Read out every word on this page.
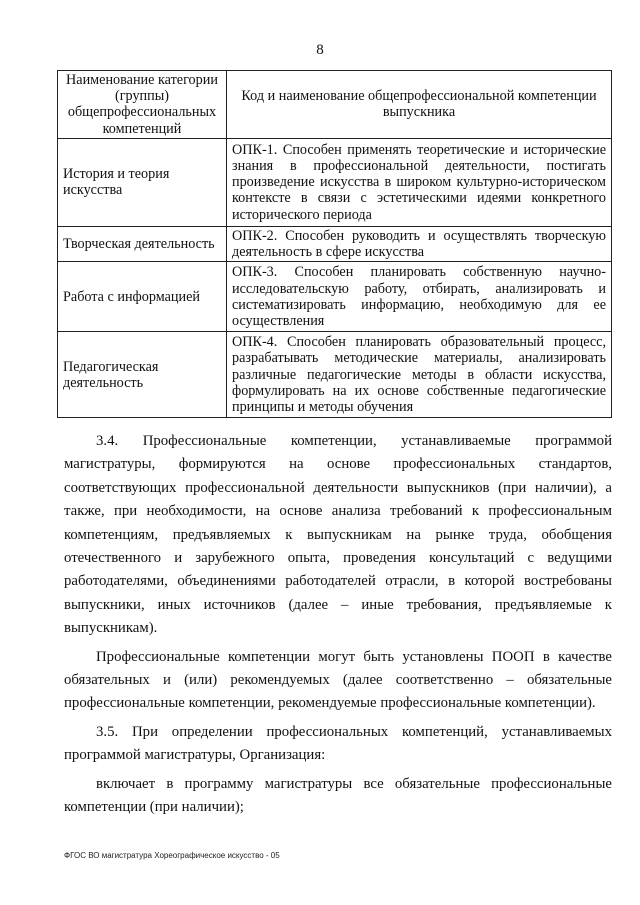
8
Наименование категории (группы) общепрофессиональных компетенций	Код и наименование общепрофессиональной компетенции выпускника
История и теория искусства	ОПК-1. Способен применять теоретические и исторические знания в профессиональной деятельности, постигать произведение искусства в широком культурно-историческом контексте в связи с эстетическими идеями конкретного исторического периода
Творческая деятельность	ОПК-2. Способен руководить и осуществлять творческую деятельность в сфере искусства
Работа с информацией	ОПК-3. Способен планировать собственную научно-исследовательскую работу, отбирать, анализировать и систематизировать информацию, необходимую для ее осуществления
Педагогическая деятельность	ОПК-4. Способен планировать образовательный процесс, разрабатывать методические материалы, анализировать различные педагогические методы в области искусства, формулировать на их основе собственные педагогические принципы и методы обучения

3.4. Профессиональные компетенции, устанавливаемые программой магистратуры, формируются на основе профессиональных стандартов, соответствующих профессиональной деятельности выпускников (при наличии), а также, при необходимости, на основе анализа требований к профессиональным компетенциям, предъявляемых к выпускникам на рынке труда, обобщения отечественного и зарубежного опыта, проведения консультаций с ведущими работодателями, объединениями работодателей отрасли, в которой востребованы выпускники, иных источников (далее – иные требования, предъявляемые к выпускникам).

Профессиональные компетенции могут быть установлены ПООП в качестве обязательных и (или) рекомендуемых (далее соответственно – обязательные профессиональные компетенции, рекомендуемые профессиональные компетенции).

3.5. При определении профессиональных компетенций, устанавливаемых программой магистратуры, Организация:

включает в программу магистратуры все обязательные профессиональные компетенции (при наличии);

ФГОС ВО магистратура Хореографическое искусство - 05
